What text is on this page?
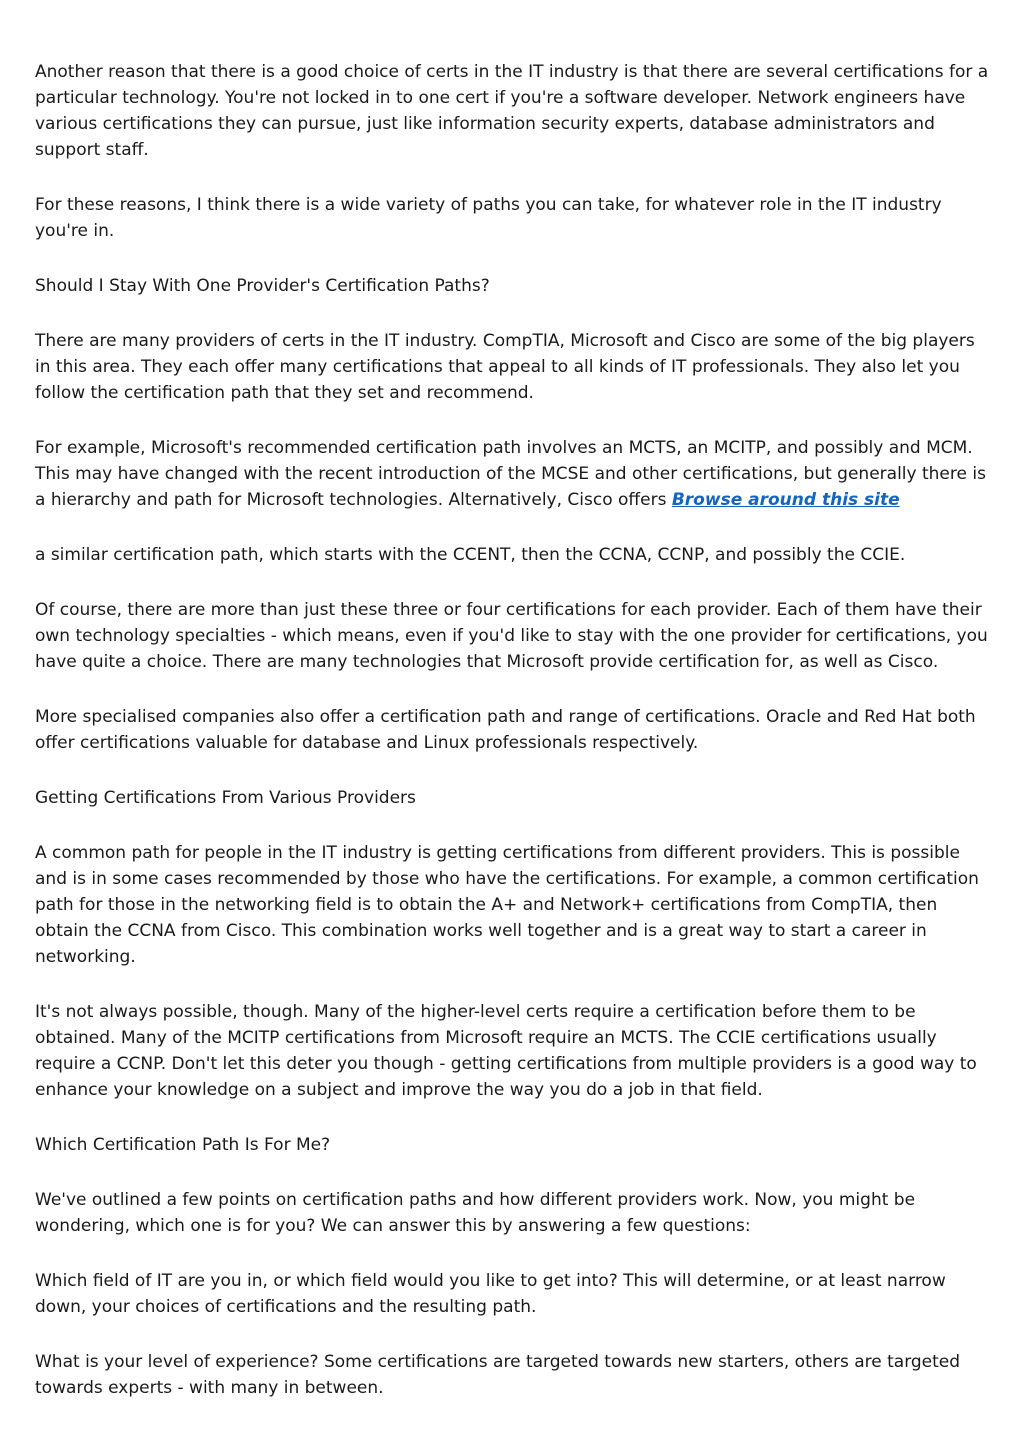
Another reason that there is a good choice of certs in the IT industry is that there are several certifications for a particular technology. You're not locked in to one cert if you're a software developer. Network engineers have various certifications they can pursue, just like information security experts, database administrators and support staff.

For these reasons, I think there is a wide variety of paths you can take, for whatever role in the IT industry you're in.

Should I Stay With One Provider's Certification Paths?

There are many providers of certs in the IT industry. CompTIA, Microsoft and Cisco are some of the big players in this area. They each offer many certifications that appeal to all kinds of IT professionals. They also let you follow the certification path that they set and recommend.

For example, Microsoft's recommended certification path involves an MCTS, an MCITP, and possibly and MCM. This may have changed with the recent introduction of the MCSE and other certifications, but generally there is a hierarchy and path for Microsoft technologies. Alternatively, Cisco offers Browse around this site

a similar certification path, which starts with the CCENT, then the CCNA, CCNP, and possibly the CCIE.

Of course, there are more than just these three or four certifications for each provider. Each of them have their own technology specialties - which means, even if you'd like to stay with the one provider for certifications, you have quite a choice. There are many technologies that Microsoft provide certification for, as well as Cisco.

More specialised companies also offer a certification path and range of certifications. Oracle and Red Hat both offer certifications valuable for database and Linux professionals respectively.

Getting Certifications From Various Providers

A common path for people in the IT industry is getting certifications from different providers. This is possible and is in some cases recommended by those who have the certifications. For example, a common certification path for those in the networking field is to obtain the A+ and Network+ certifications from CompTIA, then obtain the CCNA from Cisco. This combination works well together and is a great way to start a career in networking.

It's not always possible, though. Many of the higher-level certs require a certification before them to be obtained. Many of the MCITP certifications from Microsoft require an MCTS. The CCIE certifications usually require a CCNP. Don't let this deter you though - getting certifications from multiple providers is a good way to enhance your knowledge on a subject and improve the way you do a job in that field.

Which Certification Path Is For Me?

We've outlined a few points on certification paths and how different providers work. Now, you might be wondering, which one is for you? We can answer this by answering a few questions:

Which field of IT are you in, or which field would you like to get into? This will determine, or at least narrow down, your choices of certifications and the resulting path.

What is your level of experience? Some certifications are targeted towards new starters, others are targeted towards experts - with many in between.
